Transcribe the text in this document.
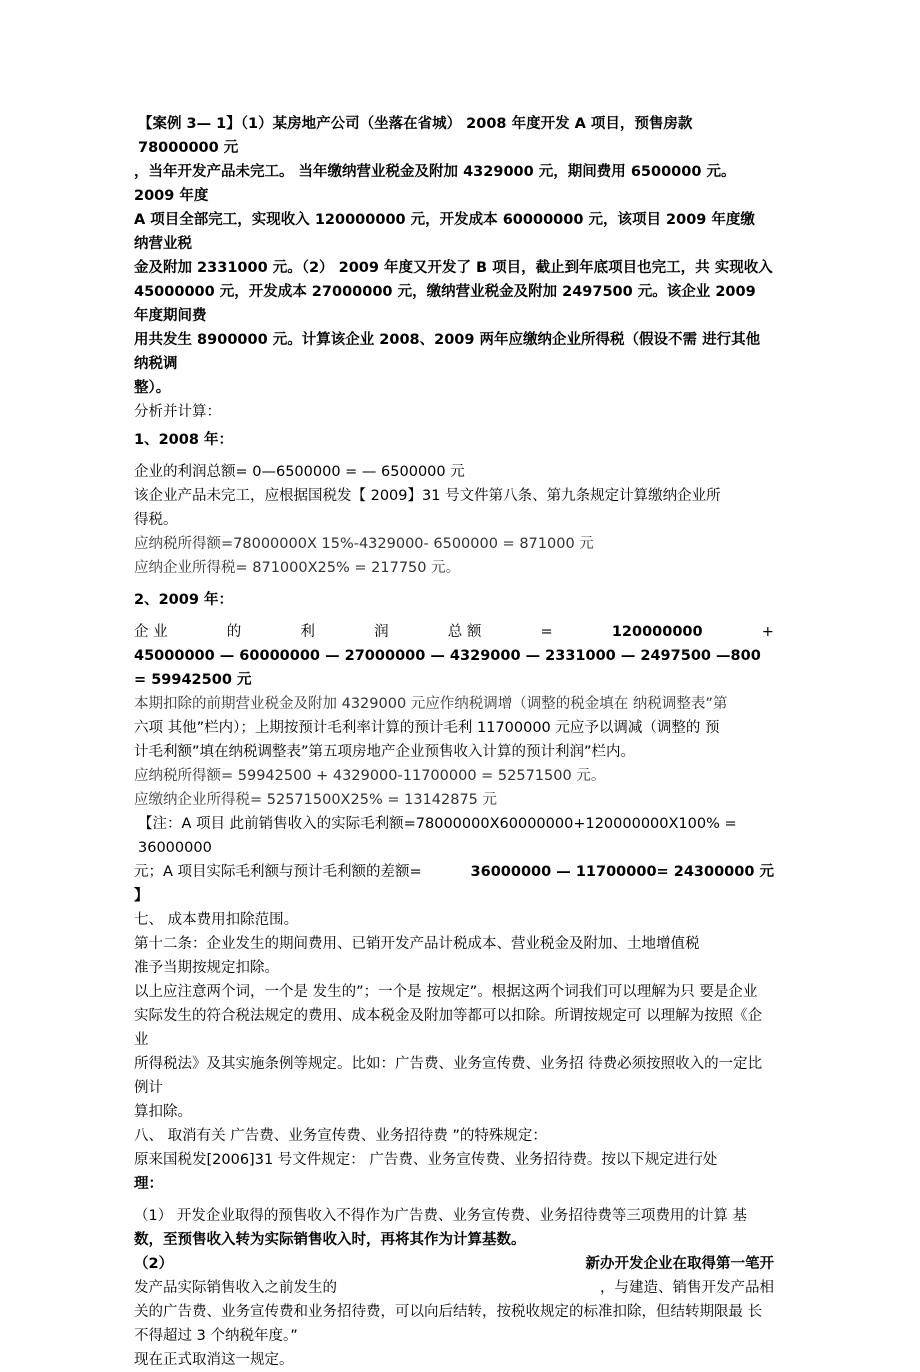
【案例 3— 1】（1）某房地产公司（坐落在省城） 2008 年度开发 A 项目，预售房款 78000000 元

，当年开发产品未完工。 当年缴纳营业税金及附加 4329000 元，期间费用 6500000 元。2009 年度

A 项目全部完工，实现收入 120000000 元，开发成本 60000000 元，该项目 2009 年度缴 纳营业税

金及附加 2331000 元。（2） 2009 年度又开发了 B 项目，截止到年底项目也完工，共 实现收入

45000000 元，开发成本 27000000 元，缴纳营业税金及附加 2497500 元。该企业 2009 年度期间费

用共发生 8900000 元。计算该企业 2008、2009 两年应缴纳企业所得税（假设不需 进行其他纳税调

整）。

分析并计算：

1、2008 年：

企业的利润总额= 0—6500000 = — 6500000 元

该企业产品未完工，应根据国税发【 2009】31 号文件第八条、第九条规定计算缴纳企业所

得税。

应纳税所得额=78000000X 15%-4329000- 6500000 = 871000 元

应纳企业所得税= 871000X25% = 217750 元。

2、2009 年：

企 业	的	利	润	总 额	=	120000000	+

45000000 — 60000000 — 27000000 — 4329000 — 2331000 — 2497500 —800 = 59942500 元

本期扣除的前期营业税金及附加 4329000 元应作纳税调增（调整的税金填在 纳税调整表”第

六项 其他”栏内）；上期按预计毛利率计算的预计毛利 11700000 元应予以调减（调整的 预

计毛利额”填在纳税调整表”第五项房地产企业预售收入计算的预计利润”栏内。

应纳税所得额= 59942500 + 4329000-11700000 = 52571500 元。

应缴纳企业所得税= 52571500X25% = 13142875 元

【注：A 项目 此前销售收入的实际毛利额=78000000X60000000+120000000X100% = 36000000

元；A 项目实际毛利额与预计毛利额的差额=	36000000 — 11700000= 24300000 元

】

七、 成本费用扣除范围。

第十二条：企业发生的期间费用、已销开发产品计税成本、营业税金及附加、土地增值税

准予当期按规定扣除。

以上应注意两个词，一个是 发生的”；一个是 按规定”。根据这两个词我们可以理解为只 要是企业

实际发生的符合税法规定的费用、成本税金及附加等都可以扣除。所谓按规定可 以理解为按照《企业

所得税法》及其实施条例等规定。比如：广告费、业务宣传费、业务招 待费必须按照收入的一定比例计

算扣除。

八、 取消有关 广告费、业务宣传费、业务招待费 ”的特殊规定：

原来国税发[2006]31 号文件规定： 广告费、业务宣传费、业务招待费。按以下规定进行处

理：

（1） 开发企业取得的预售收入不得作为广告费、业务宣传费、业务招待费等三项费用的计算 基

数，至预售收入转为实际销售收入时，再将其作为计算基数。

（2）	新办开发企业在取得第一笔开
发产品实际销售收入之前发生的	，与建造、销售开发产品相

关的广告费、业务宣传费和业务招待费，可以向后结转，按税收规定的标准扣除，但结转期限最 长

不得超过 3 个纳税年度。”

现在正式取消这一规定。
